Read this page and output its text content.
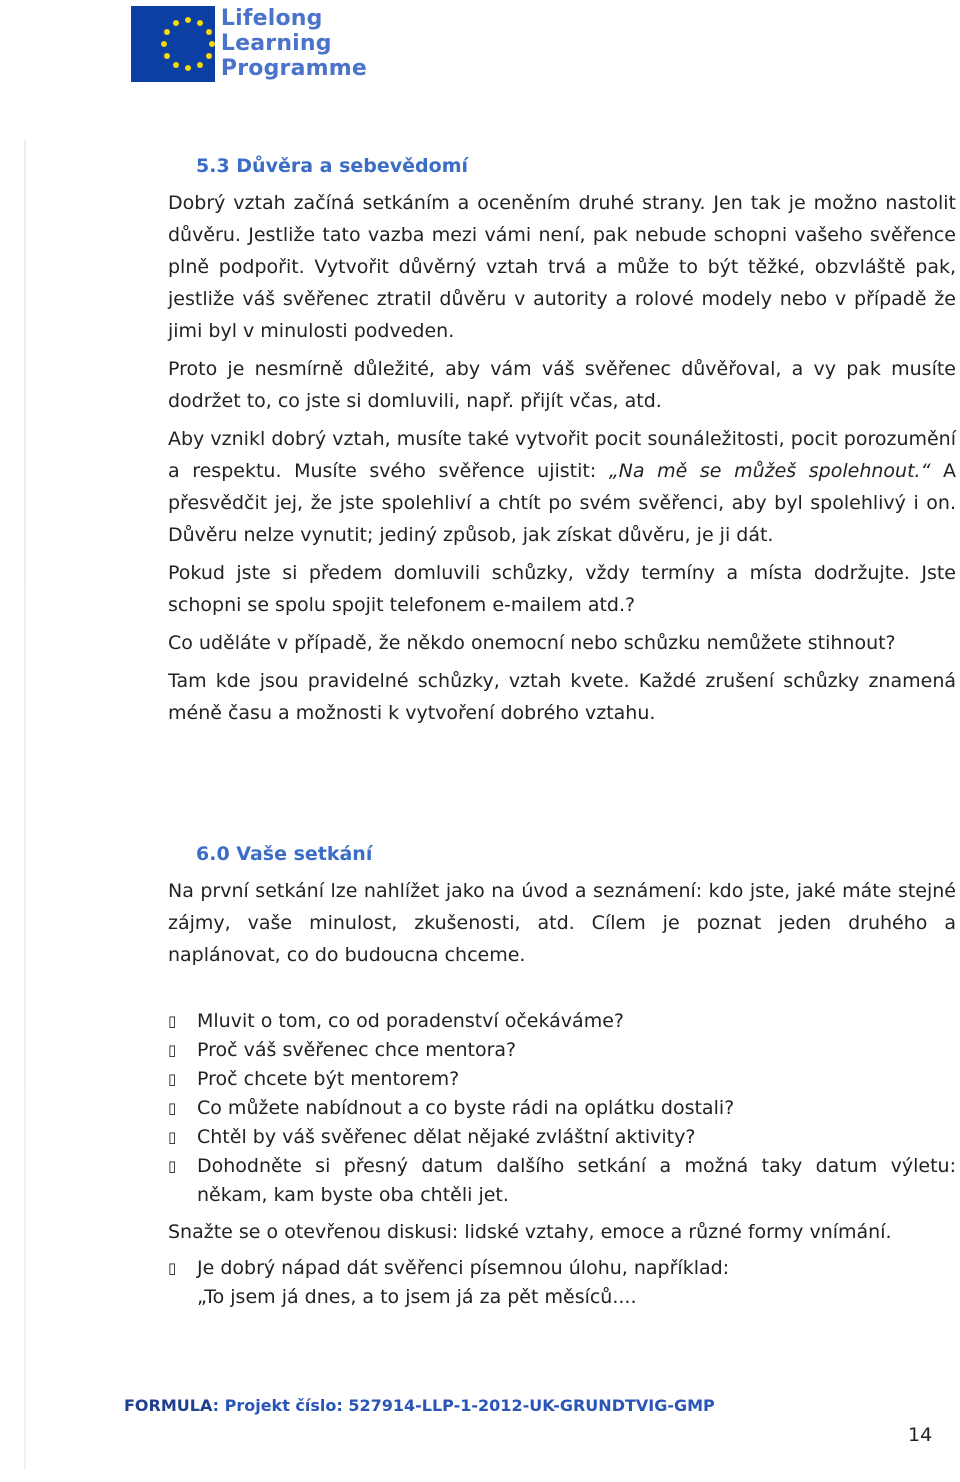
Lifelong
Learning
Programme
5.3 Důvěra a sebevědomí

Dobrý vztah začíná setkáním a oceněním druhé strany. Jen tak je možno nastolit důvěru. Jestliže tato vazba mezi vámi není, pak nebude schopni vašeho svěřence plně podpořit. Vytvořit důvěrný vztah trvá a může to být těžké, obzvláště pak, jestliže váš svěřenec ztratil důvěru v autority a rolové modely nebo v případě že jimi byl v minulosti podveden.

Proto je nesmírně důležité, aby vám váš svěřenec důvěřoval, a vy pak musíte dodržet to, co jste si domluvili, např. přijít včas, atd.

Aby vznikl dobrý vztah, musíte také vytvořit pocit sounáležitosti, pocit porozumění a respektu. Musíte svého svěřence ujistit: „Na mě se můžeš spolehnout.“ A přesvědčit jej, že jste spolehliví a chtít po svém svěřenci, aby byl spolehlivý i on. Důvěru nelze vynutit; jediný způsob, jak získat důvěru, je ji dát.

Pokud jste si předem domluvili schůzky, vždy termíny a místa dodržujte. Jste schopni se spolu spojit telefonem e-mailem atd.?

Co uděláte v případě, že někdo onemocní nebo schůzku nemůžete stihnout?

Tam kde jsou pravidelné schůzky, vztah kvete. Každé zrušení schůzky znamená méně času a možnosti k vytvoření dobrého vztahu.

6.0 Vaše setkání

Na první setkání lze nahlížet jako na úvod a seznámení: kdo jste, jaké máte stejné zájmy, vaše minulost, zkušenosti, atd. Cílem je poznat jeden druhého a naplánovat, co do budoucna chceme.

▯	Mluvit o tom, co od poradenství očekáváme?
▯	Proč váš svěřenec chce mentora?
▯	Proč chcete být mentorem?
▯	Co můžete nabídnout a co byste rádi na oplátku dostali?
▯	Chtěl by váš svěřenec dělat nějaké zvláštní aktivity?
▯	Dohodněte si přesný datum dalšího setkání a možná taky datum výletu: někam, kam byste oba chtěli jet.

Snažte se o otevřenou diskusi: lidské vztahy, emoce a různé formy vnímání.

▯	Je dobrý nápad dát svěřenci písemnou úlohu, například:
„To jsem já dnes, a to jsem já za pět měsíců....
FORMULA: Projekt číslo: 527914-LLP-1-2012-UK-GRUNDTVIG-GMP
14
